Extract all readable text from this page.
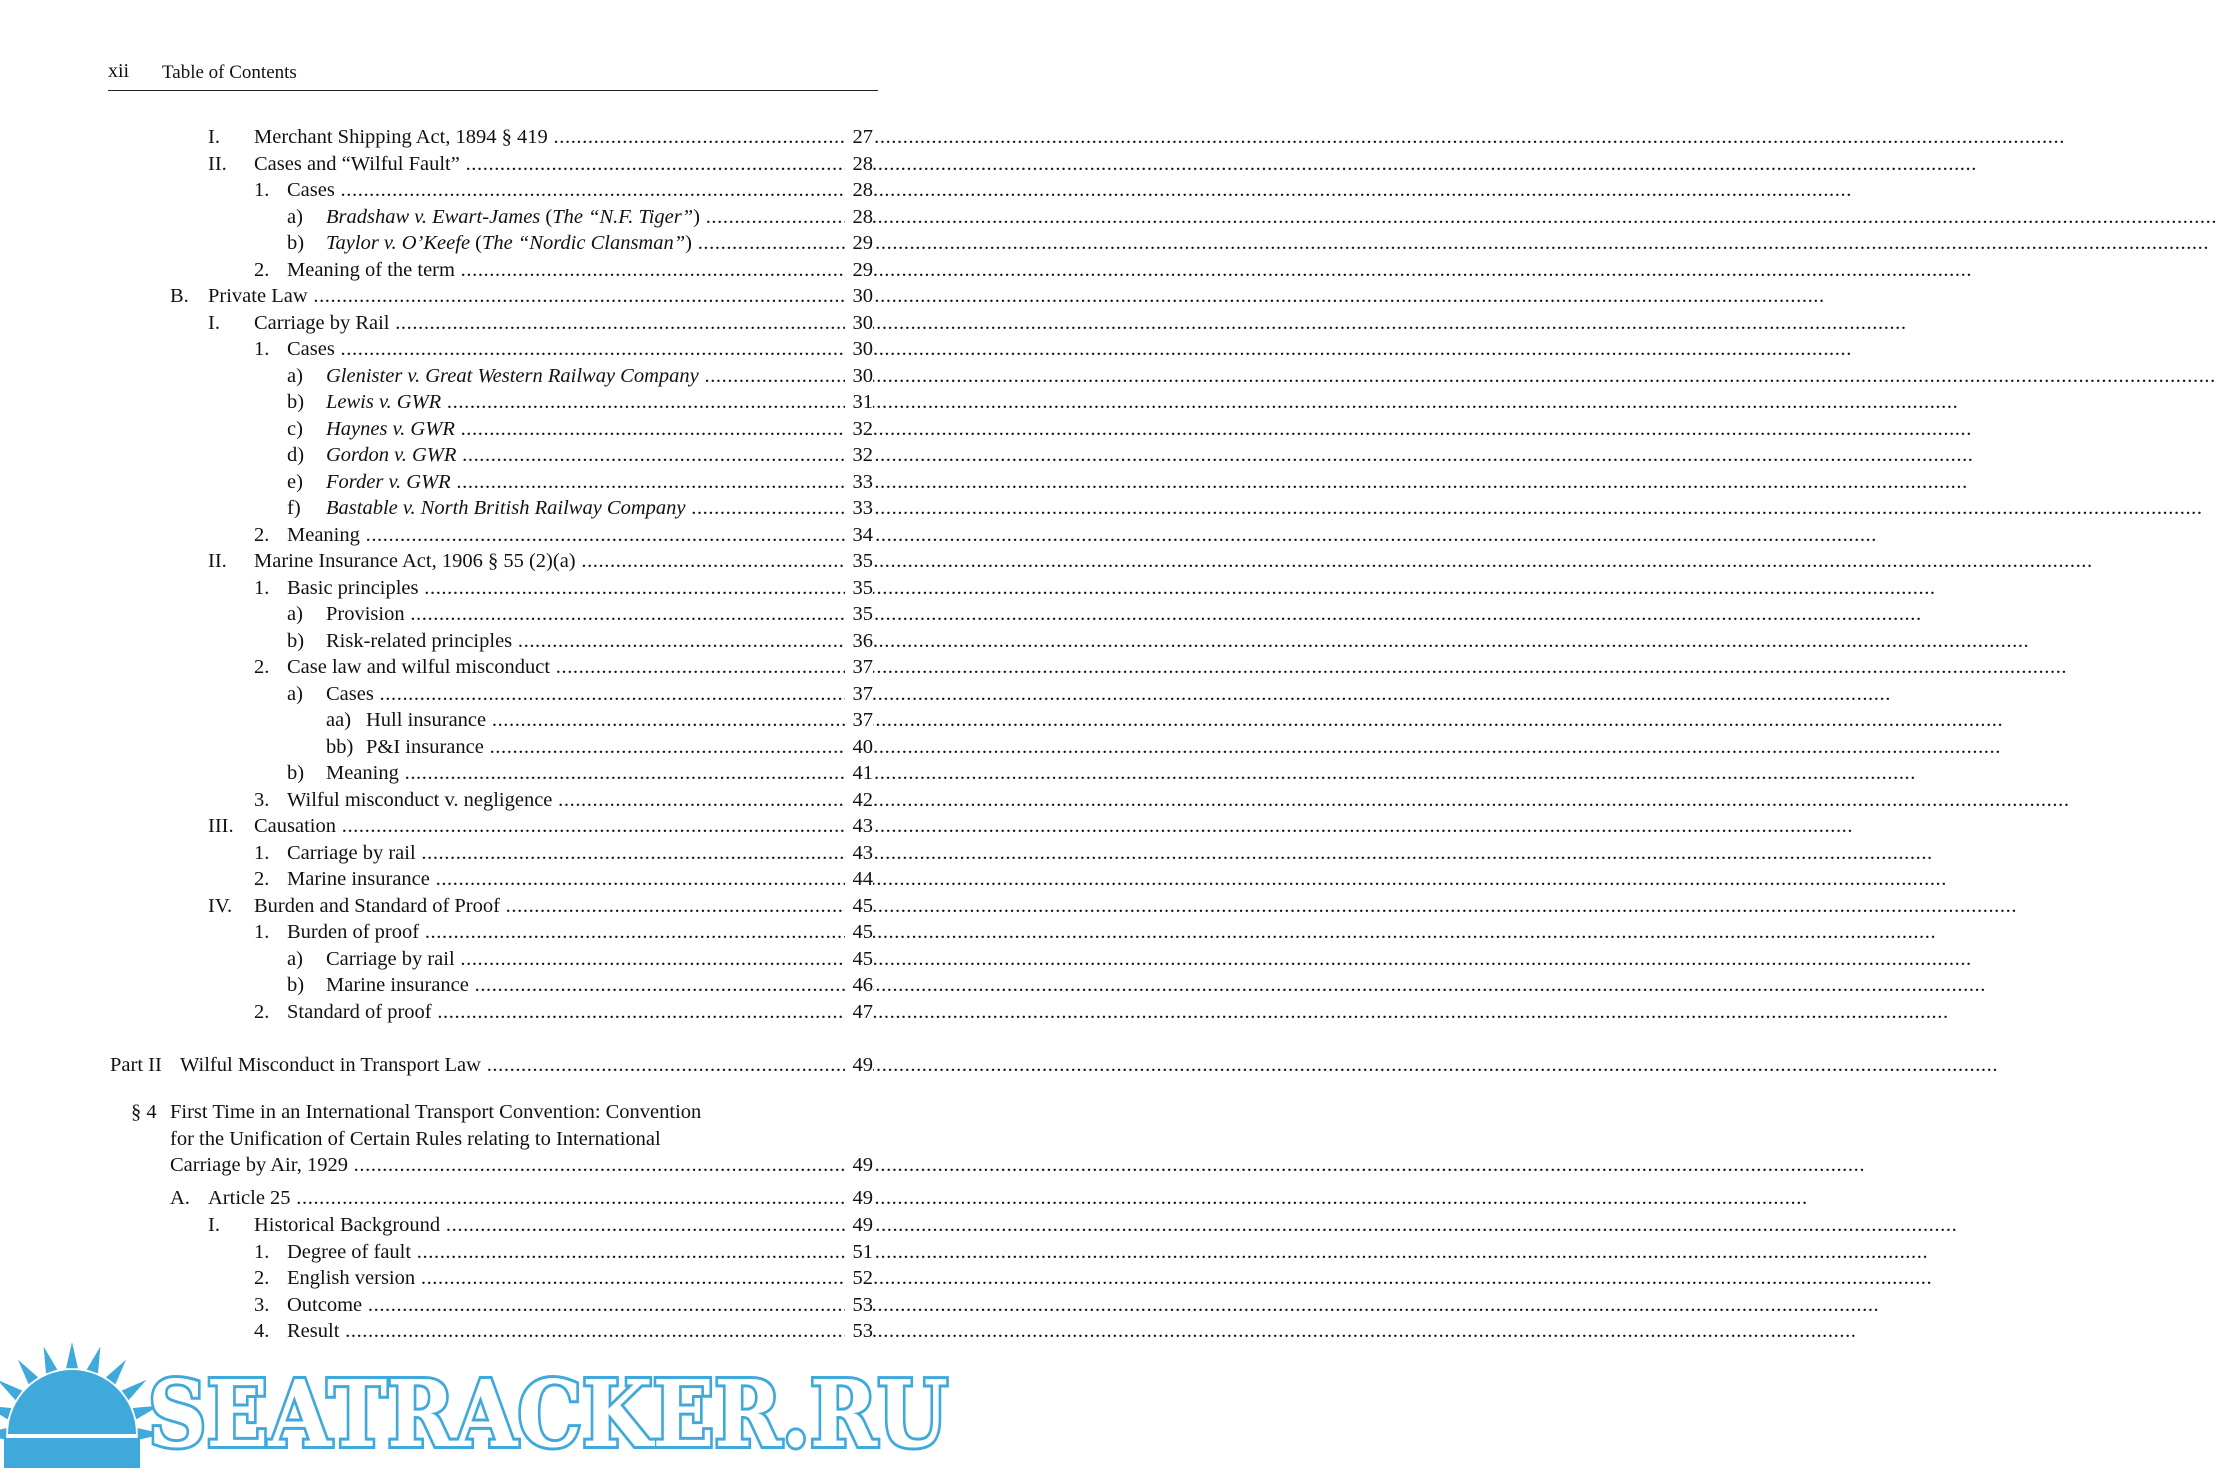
xii Table of Contents
I. Merchant Shipping Act, 1894 § 419 .....	27
II. Cases and “Wilful Fault” .....	28
1. Cases .....	28
a) Bradshaw v. Ewart-James (The “N.F. Tiger”) .....	28
b) Taylor v. O’Keefe (The “Nordic Clansman”) .....	29
2. Meaning of the term .....	29
B. Private Law .....	30
I. Carriage by Rail .....	30
1. Cases .....	30
a) Glenister v. Great Western Railway Company .....	30
b) Lewis v. GWR .....	31
c) Haynes v. GWR .....	32
d) Gordon v. GWR .....	32
e) Forder v. GWR .....	33
f) Bastable v. North British Railway Company .....	33
2. Meaning .....	34
II. Marine Insurance Act, 1906 § 55 (2)(a) .....	35
1. Basic principles .....	35
a) Provision .....	35
b) Risk-related principles .....	36
2. Case law and wilful misconduct .....	37
a) Cases .....	37
aa) Hull insurance .....	37
bb) P&I insurance .....	40
b) Meaning .....	41
3. Wilful misconduct v. negligence .....	42
III. Causation .....	43
1. Carriage by rail .....	43
2. Marine insurance .....	44
IV. Burden and Standard of Proof .....	45
1. Burden of proof .....	45
a) Carriage by rail .....	45
b) Marine insurance .....	46
2. Standard of proof .....	47
Part II Wilful Misconduct in Transport Law .....	49
§ 4 First Time in an International Transport Convention: Convention
for the Unification of Certain Rules relating to International
Carriage by Air, 1929 .....	49
A. Article 25 .....	49
I. Historical Background .....	49
1. Degree of fault .....	51
2. English version .....	52
3. Outcome .....	53
4. Result .....	53
SEATRACKER.RU
